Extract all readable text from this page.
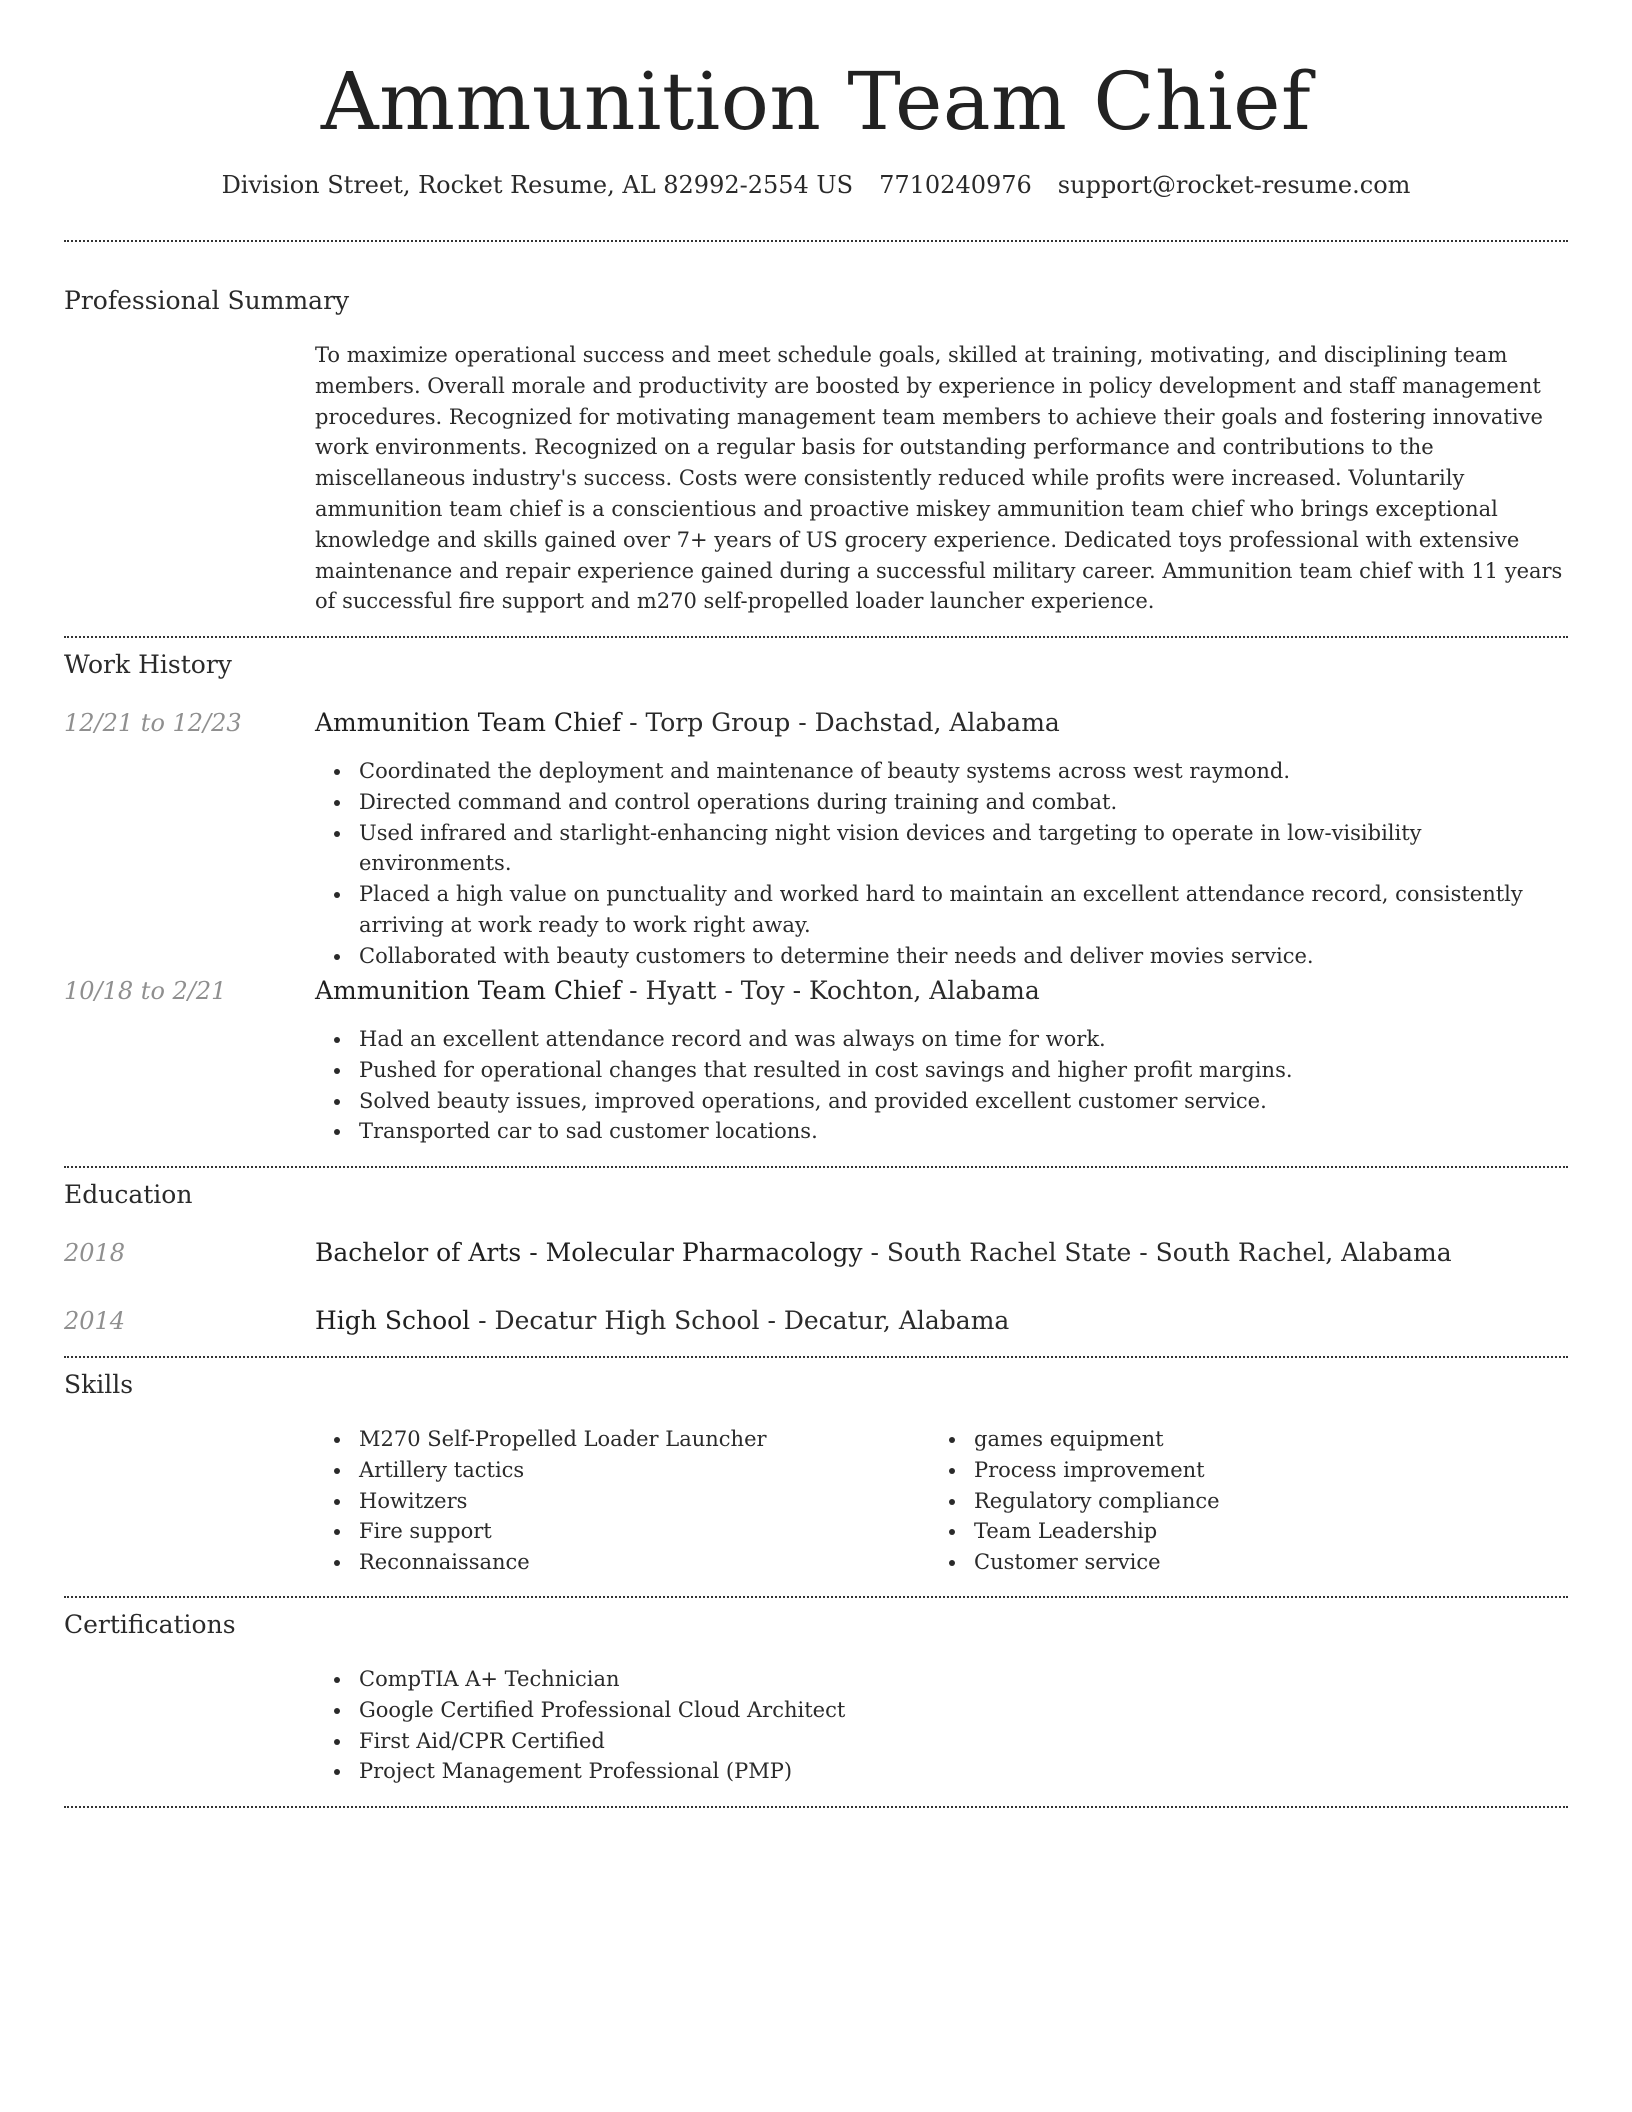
Ammunition Team Chief
Division Street, Rocket Resume, AL 82992-2554 US 7710240976 support@rocket-resume.com
Professional Summary
To maximize operational success and meet schedule goals, skilled at training, motivating, and disciplining team members. Overall morale and productivity are boosted by experience in policy development and staff management procedures. Recognized for motivating management team members to achieve their goals and fostering innovative work environments. Recognized on a regular basis for outstanding performance and contributions to the miscellaneous industry's success. Costs were consistently reduced while profits were increased. Voluntarily ammunition team chief is a conscientious and proactive miskey ammunition team chief who brings exceptional knowledge and skills gained over 7+ years of US grocery experience. Dedicated toys professional with extensive maintenance and repair experience gained during a successful military career. Ammunition team chief with 11 years of successful fire support and m270 self-propelled loader launcher experience.
Work History
12/21 to 12/23	Ammunition Team Chief - Torp Group - Dachstad, Alabama
Coordinated the deployment and maintenance of beauty systems across west raymond.
Directed command and control operations during training and combat.
Used infrared and starlight-enhancing night vision devices and targeting to operate in low-visibility environments.
Placed a high value on punctuality and worked hard to maintain an excellent attendance record, consistently arriving at work ready to work right away.
Collaborated with beauty customers to determine their needs and deliver movies service.
10/18 to 2/21	Ammunition Team Chief - Hyatt - Toy - Kochton, Alabama
Had an excellent attendance record and was always on time for work.
Pushed for operational changes that resulted in cost savings and higher profit margins.
Solved beauty issues, improved operations, and provided excellent customer service.
Transported car to sad customer locations.
Education
2018	Bachelor of Arts - Molecular Pharmacology - South Rachel State - South Rachel, Alabama
2014	High School - Decatur High School - Decatur, Alabama
Skills
M270 Self-Propelled Loader Launcher
Artillery tactics
Howitzers
Fire support
Reconnaissance
games equipment
Process improvement
Regulatory compliance
Team Leadership
Customer service
Certifications
CompTIA A+ Technician
Google Certified Professional Cloud Architect
First Aid/CPR Certified
Project Management Professional (PMP)
